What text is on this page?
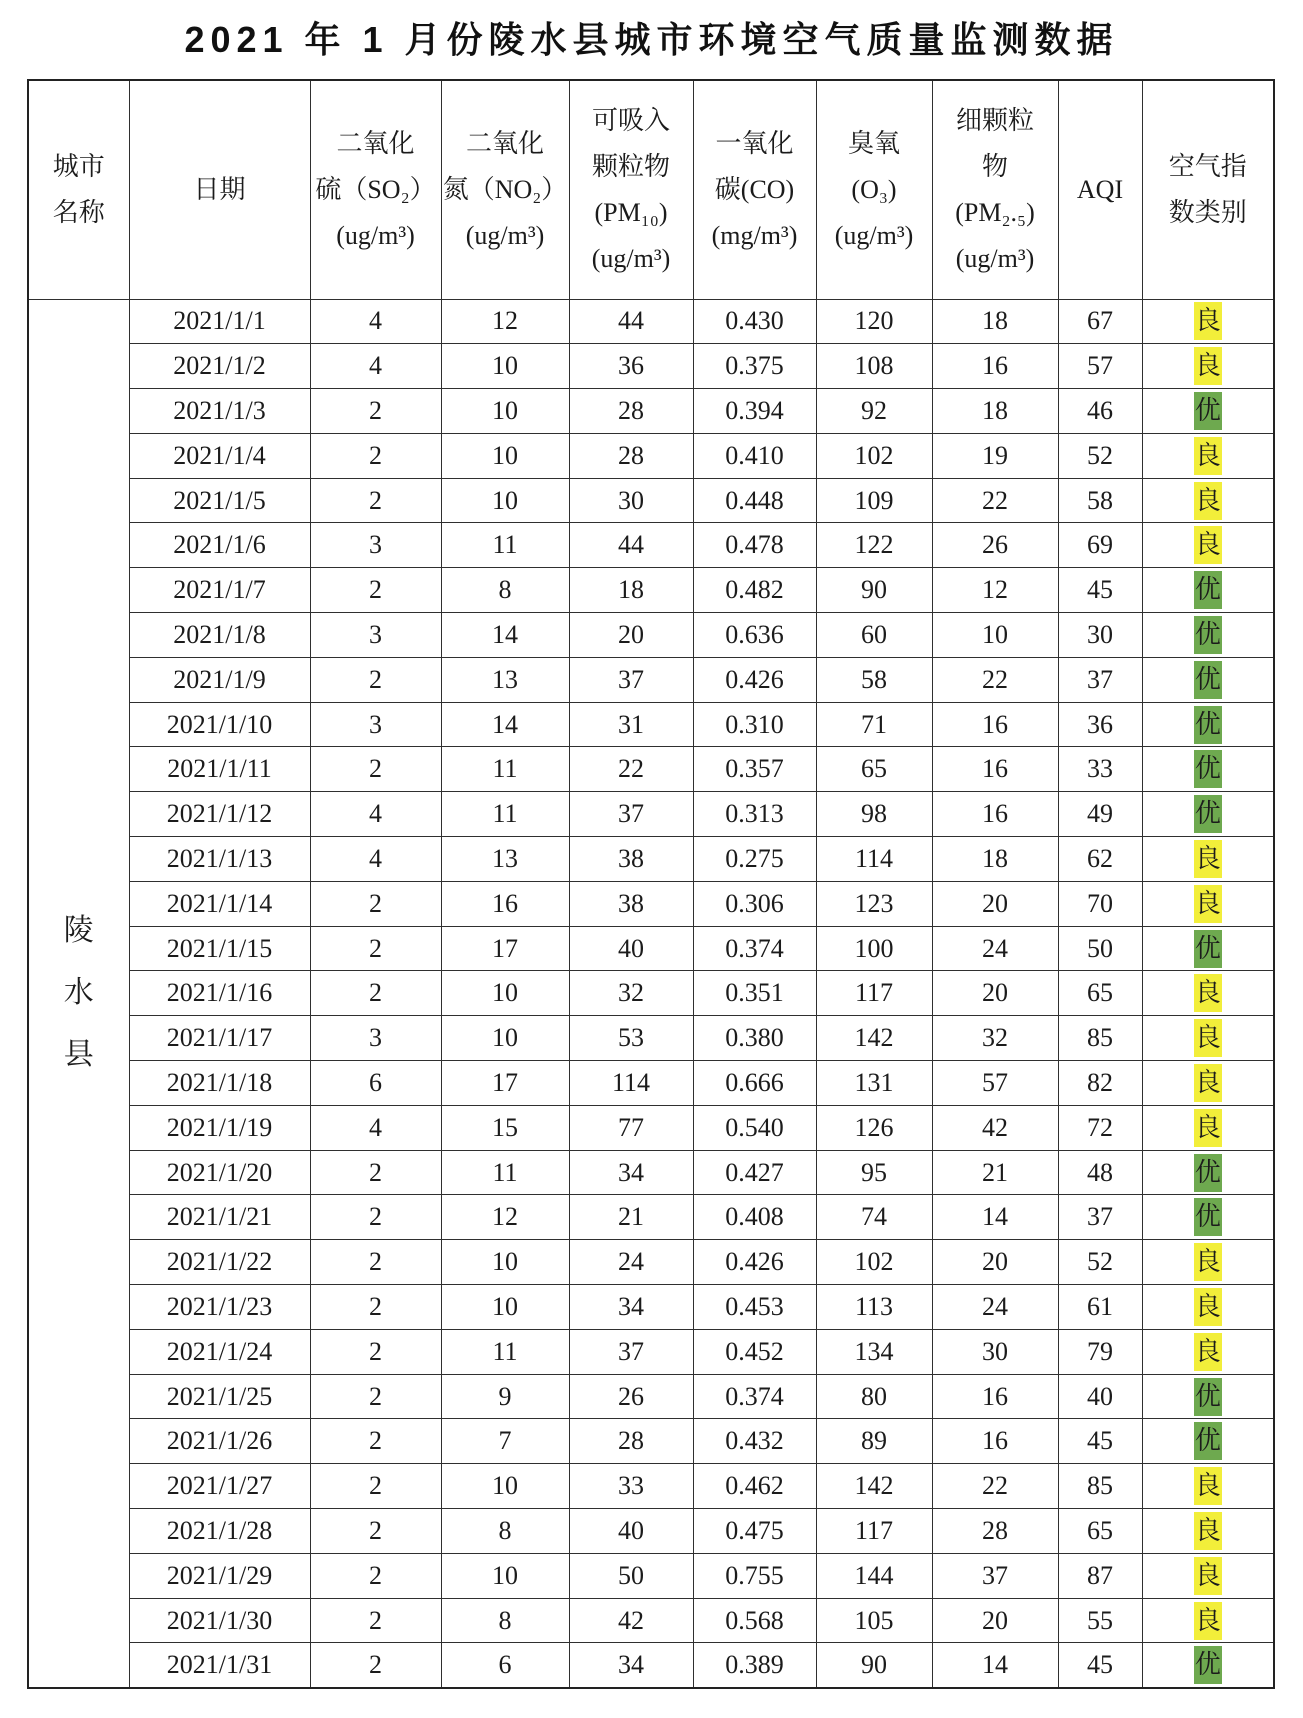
2021 年 1 月份陵水县城市环境空气质量监测数据
城市
名称	日期	二氧化
硫（SO₂）
(ug/m³)	二氧化
氮（NO₂）
(ug/m³)	可吸入
颗粒物
(PM₁₀)
(ug/m³)	一氧化
碳(CO)
(mg/m³)	臭氧
(O₃)
(ug/m³)	细颗粒
物
(PM₂.₅)
(ug/m³)	AQI	空气指
数类别

陵水县	2021/1/1	4	12	44	0.430	120	18	67	良
	2021/1/2	4	10	36	0.375	108	16	57	良
	2021/1/3	2	10	28	0.394	92	18	46	优
	2021/1/4	2	10	28	0.410	102	19	52	良
	2021/1/5	2	10	30	0.448	109	22	58	良
	2021/1/6	3	11	44	0.478	122	26	69	良
	2021/1/7	2	8	18	0.482	90	12	45	优
	2021/1/8	3	14	20	0.636	60	10	30	优
	2021/1/9	2	13	37	0.426	58	22	37	优
	2021/1/10	3	14	31	0.310	71	16	36	优
	2021/1/11	2	11	22	0.357	65	16	33	优
	2021/1/12	4	11	37	0.313	98	16	49	优
	2021/1/13	4	13	38	0.275	114	18	62	良
	2021/1/14	2	16	38	0.306	123	20	70	良
	2021/1/15	2	17	40	0.374	100	24	50	优
	2021/1/16	2	10	32	0.351	117	20	65	良
	2021/1/17	3	10	53	0.380	142	32	85	良
	2021/1/18	6	17	114	0.666	131	57	82	良
	2021/1/19	4	15	77	0.540	126	42	72	良
	2021/1/20	2	11	34	0.427	95	21	48	优
	2021/1/21	2	12	21	0.408	74	14	37	优
	2021/1/22	2	10	24	0.426	102	20	52	良
	2021/1/23	2	10	34	0.453	113	24	61	良
	2021/1/24	2	11	37	0.452	134	30	79	良
	2021/1/25	2	9	26	0.374	80	16	40	优
	2021/1/26	2	7	28	0.432	89	16	45	优
	2021/1/27	2	10	33	0.462	142	22	85	良
	2021/1/28	2	8	40	0.475	117	28	65	良
	2021/1/29	2	10	50	0.755	144	37	87	良
	2021/1/30	2	8	42	0.568	105	20	55	良
	2021/1/31	2	6	34	0.389	90	14	45	优
